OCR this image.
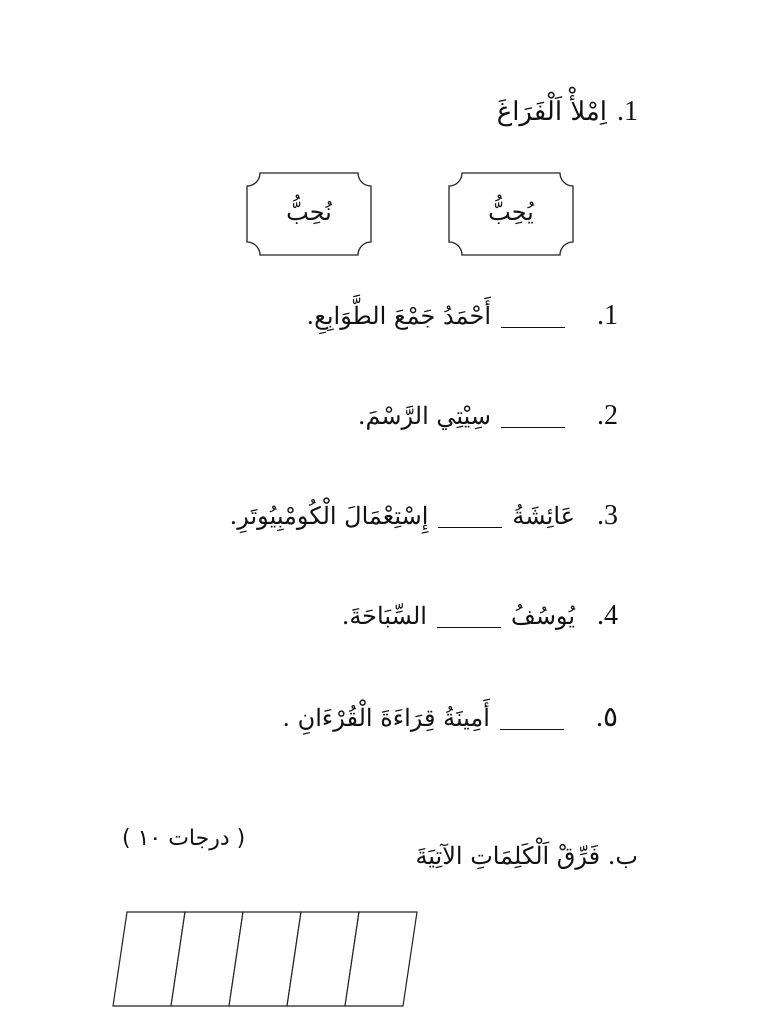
1.اِمْلأْ اَلْفَرَاغَ
يُحِبُّ
نُحِبُّ
1.أَحْمَدُ جَمْعَ الطَّوَابِعِ.
2.سِيْتِي الرَّسْمَ.
3.عَائِشَةُإِسْتِعْمَالَ الْكُومْبِيُوتَرِ.
4.يُوسُفُالسِّبَاحَةَ.
٥.أَمِينَةُ قِرَاءَةَ الْقُرْءَانِ .
( درجات ١٠ )
ب. فَرِّقْ اَلْكَلِمَاتِ الآتِيَةَ
